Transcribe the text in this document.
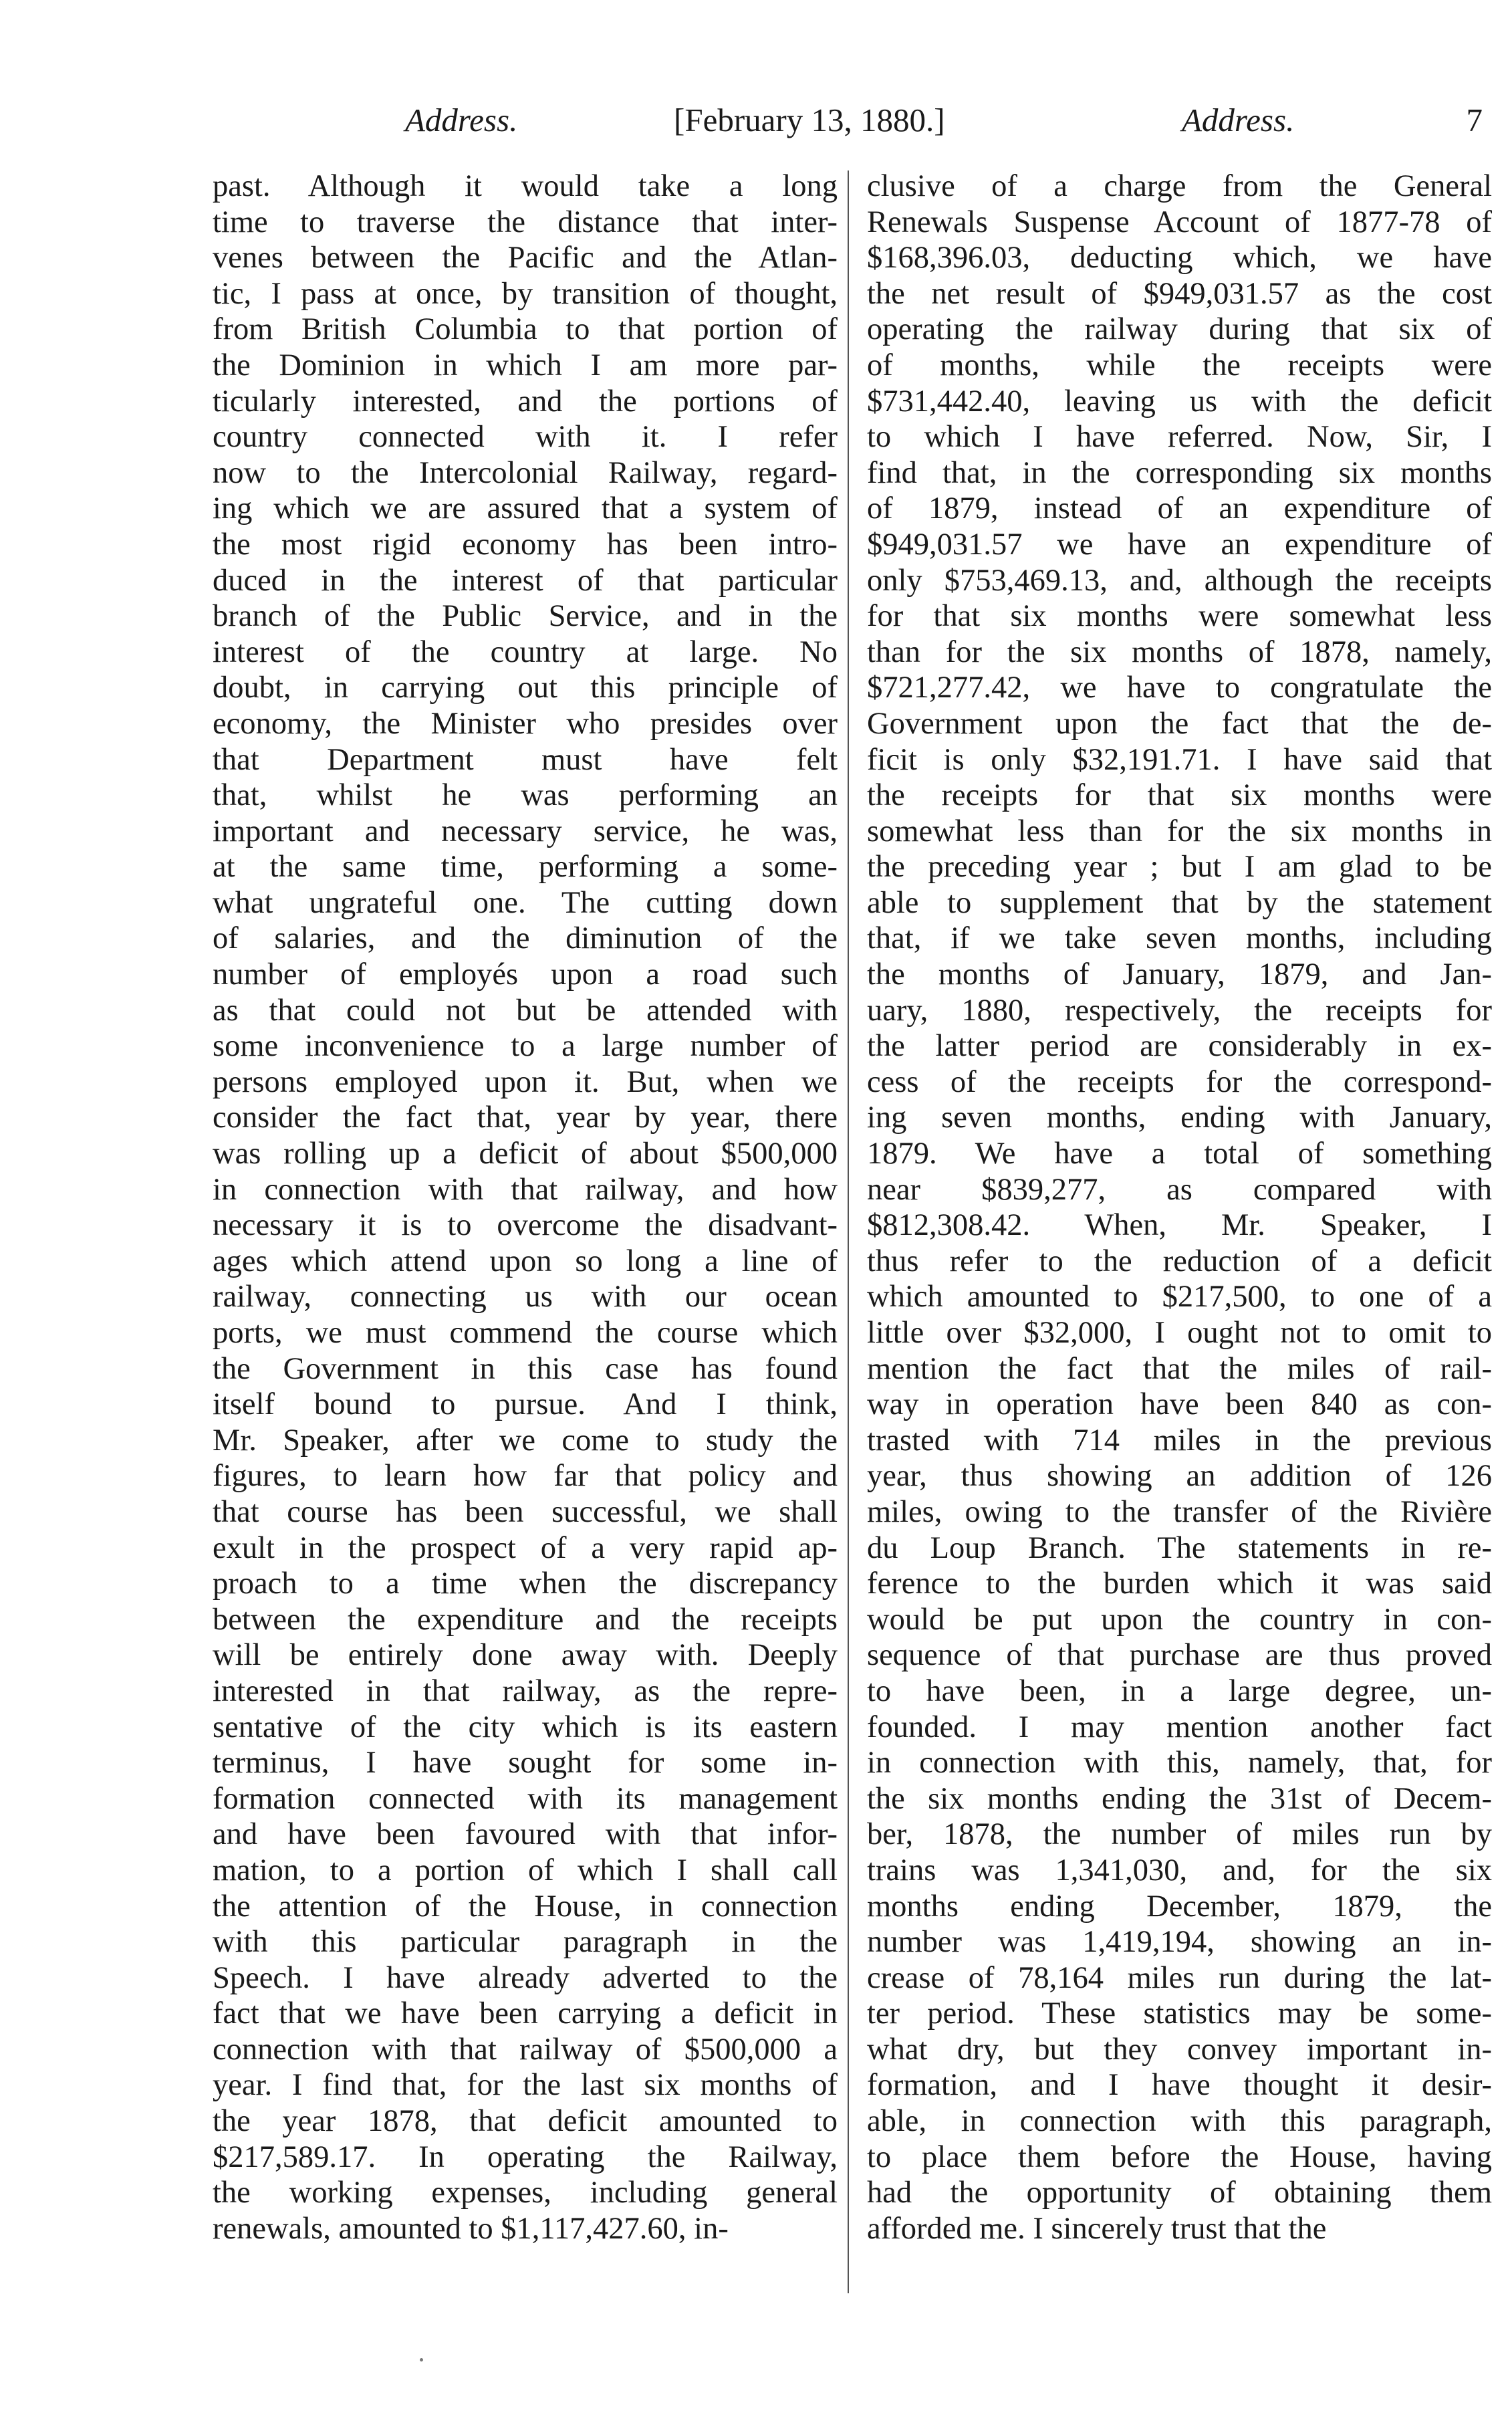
Address.	[February 13, 1880.]	Address.	7
past. Although it would take a long
time to traverse the distance that inter-
venes between the Pacific and the Atlan-
tic, I pass at once, by transition of thought,
from British Columbia to that portion of
the Dominion in which I am more par-
ticularly interested, and the portions of
country connected with it. I refer
now to the Intercolonial Railway, regard-
ing which we are assured that a system of
the most rigid economy has been intro-
duced in the interest of that particular
branch of the Public Service, and in the
interest of the country at large. No
doubt, in carrying out this principle of
economy, the Minister who presides over
that Department must have felt
that, whilst he was performing an
important and necessary service, he was,
at the same time, performing a some-
what ungrateful one. The cutting down
of salaries, and the diminution of the
number of employés upon a road such
as that could not but be attended with
some inconvenience to a large number of
persons employed upon it. But, when we
consider the fact that, year by year, there
was rolling up a deficit of about $500,000
in connection with that railway, and how
necessary it is to overcome the disadvant-
ages which attend upon so long a line of
railway, connecting us with our ocean
ports, we must commend the course which
the Government in this case has found
itself bound to pursue. And I think,
Mr. Speaker, after we come to study the
figures, to learn how far that policy and
that course has been successful, we shall
exult in the prospect of a very rapid ap-
proach to a time when the discrepancy
between the expenditure and the receipts
will be entirely done away with. Deeply
interested in that railway, as the repre-
sentative of the city which is its eastern
terminus, I have sought for some in-
formation connected with its management
and have been favoured with that infor-
mation, to a portion of which I shall call
the attention of the House, in connection
with this particular paragraph in the
Speech. I have already adverted to the
fact that we have been carrying a deficit in
connection with that railway of $500,000 a
year. I find that, for the last six months of
the year 1878, that deficit amounted to
$217,589.17. In operating the Railway,
the working expenses, including general
renewals, amounted to $1,117,427.60, in-
clusive of a charge from the General
Renewals Suspense Account of 1877-78 of
$168,396.03, deducting which, we have
the net result of $949,031.57 as the cost
operating the railway during that six of
of months, while the receipts were
$731,442.40, leaving us with the deficit
to which I have referred. Now, Sir, I
find that, in the corresponding six months
of 1879, instead of an expenditure of
$949,031.57 we have an expenditure of
only $753,469.13, and, although the receipts
for that six months were somewhat less
than for the six months of 1878, namely,
$721,277.42, we have to congratulate the
Government upon the fact that the de-
ficit is only $32,191.71. I have said that
the receipts for that six months were
somewhat less than for the six months in
the preceding year ; but I am glad to be
able to supplement that by the statement
that, if we take seven months, including
the months of January, 1879, and Jan-
uary, 1880, respectively, the receipts for
the latter period are considerably in ex-
cess of the receipts for the correspond-
ing seven months, ending with January,
1879. We have a total of something
near $839,277, as compared with
$812,308.42. When, Mr. Speaker, I
thus refer to the reduction of a deficit
which amounted to $217,500, to one of a
little over $32,000, I ought not to omit to
mention the fact that the miles of rail-
way in operation have been 840 as con-
trasted with 714 miles in the previous
year, thus showing an addition of 126
miles, owing to the transfer of the Rivière
du Loup Branch. The statements in re-
ference to the burden which it was said
would be put upon the country in con-
sequence of that purchase are thus proved
to have been, in a large degree, un-
founded. I may mention another fact
in connection with this, namely, that, for
the six months ending the 31st of Decem-
ber, 1878, the number of miles run by
trains was 1,341,030, and, for the six
months ending December, 1879, the
number was 1,419,194, showing an in-
crease of 78,164 miles run during the lat-
ter period. These statistics may be some-
what dry, but they convey important in-
formation, and I have thought it desir-
able, in connection with this paragraph,
to place them before the House, having
had the opportunity of obtaining them
afforded me. I sincerely trust that the
